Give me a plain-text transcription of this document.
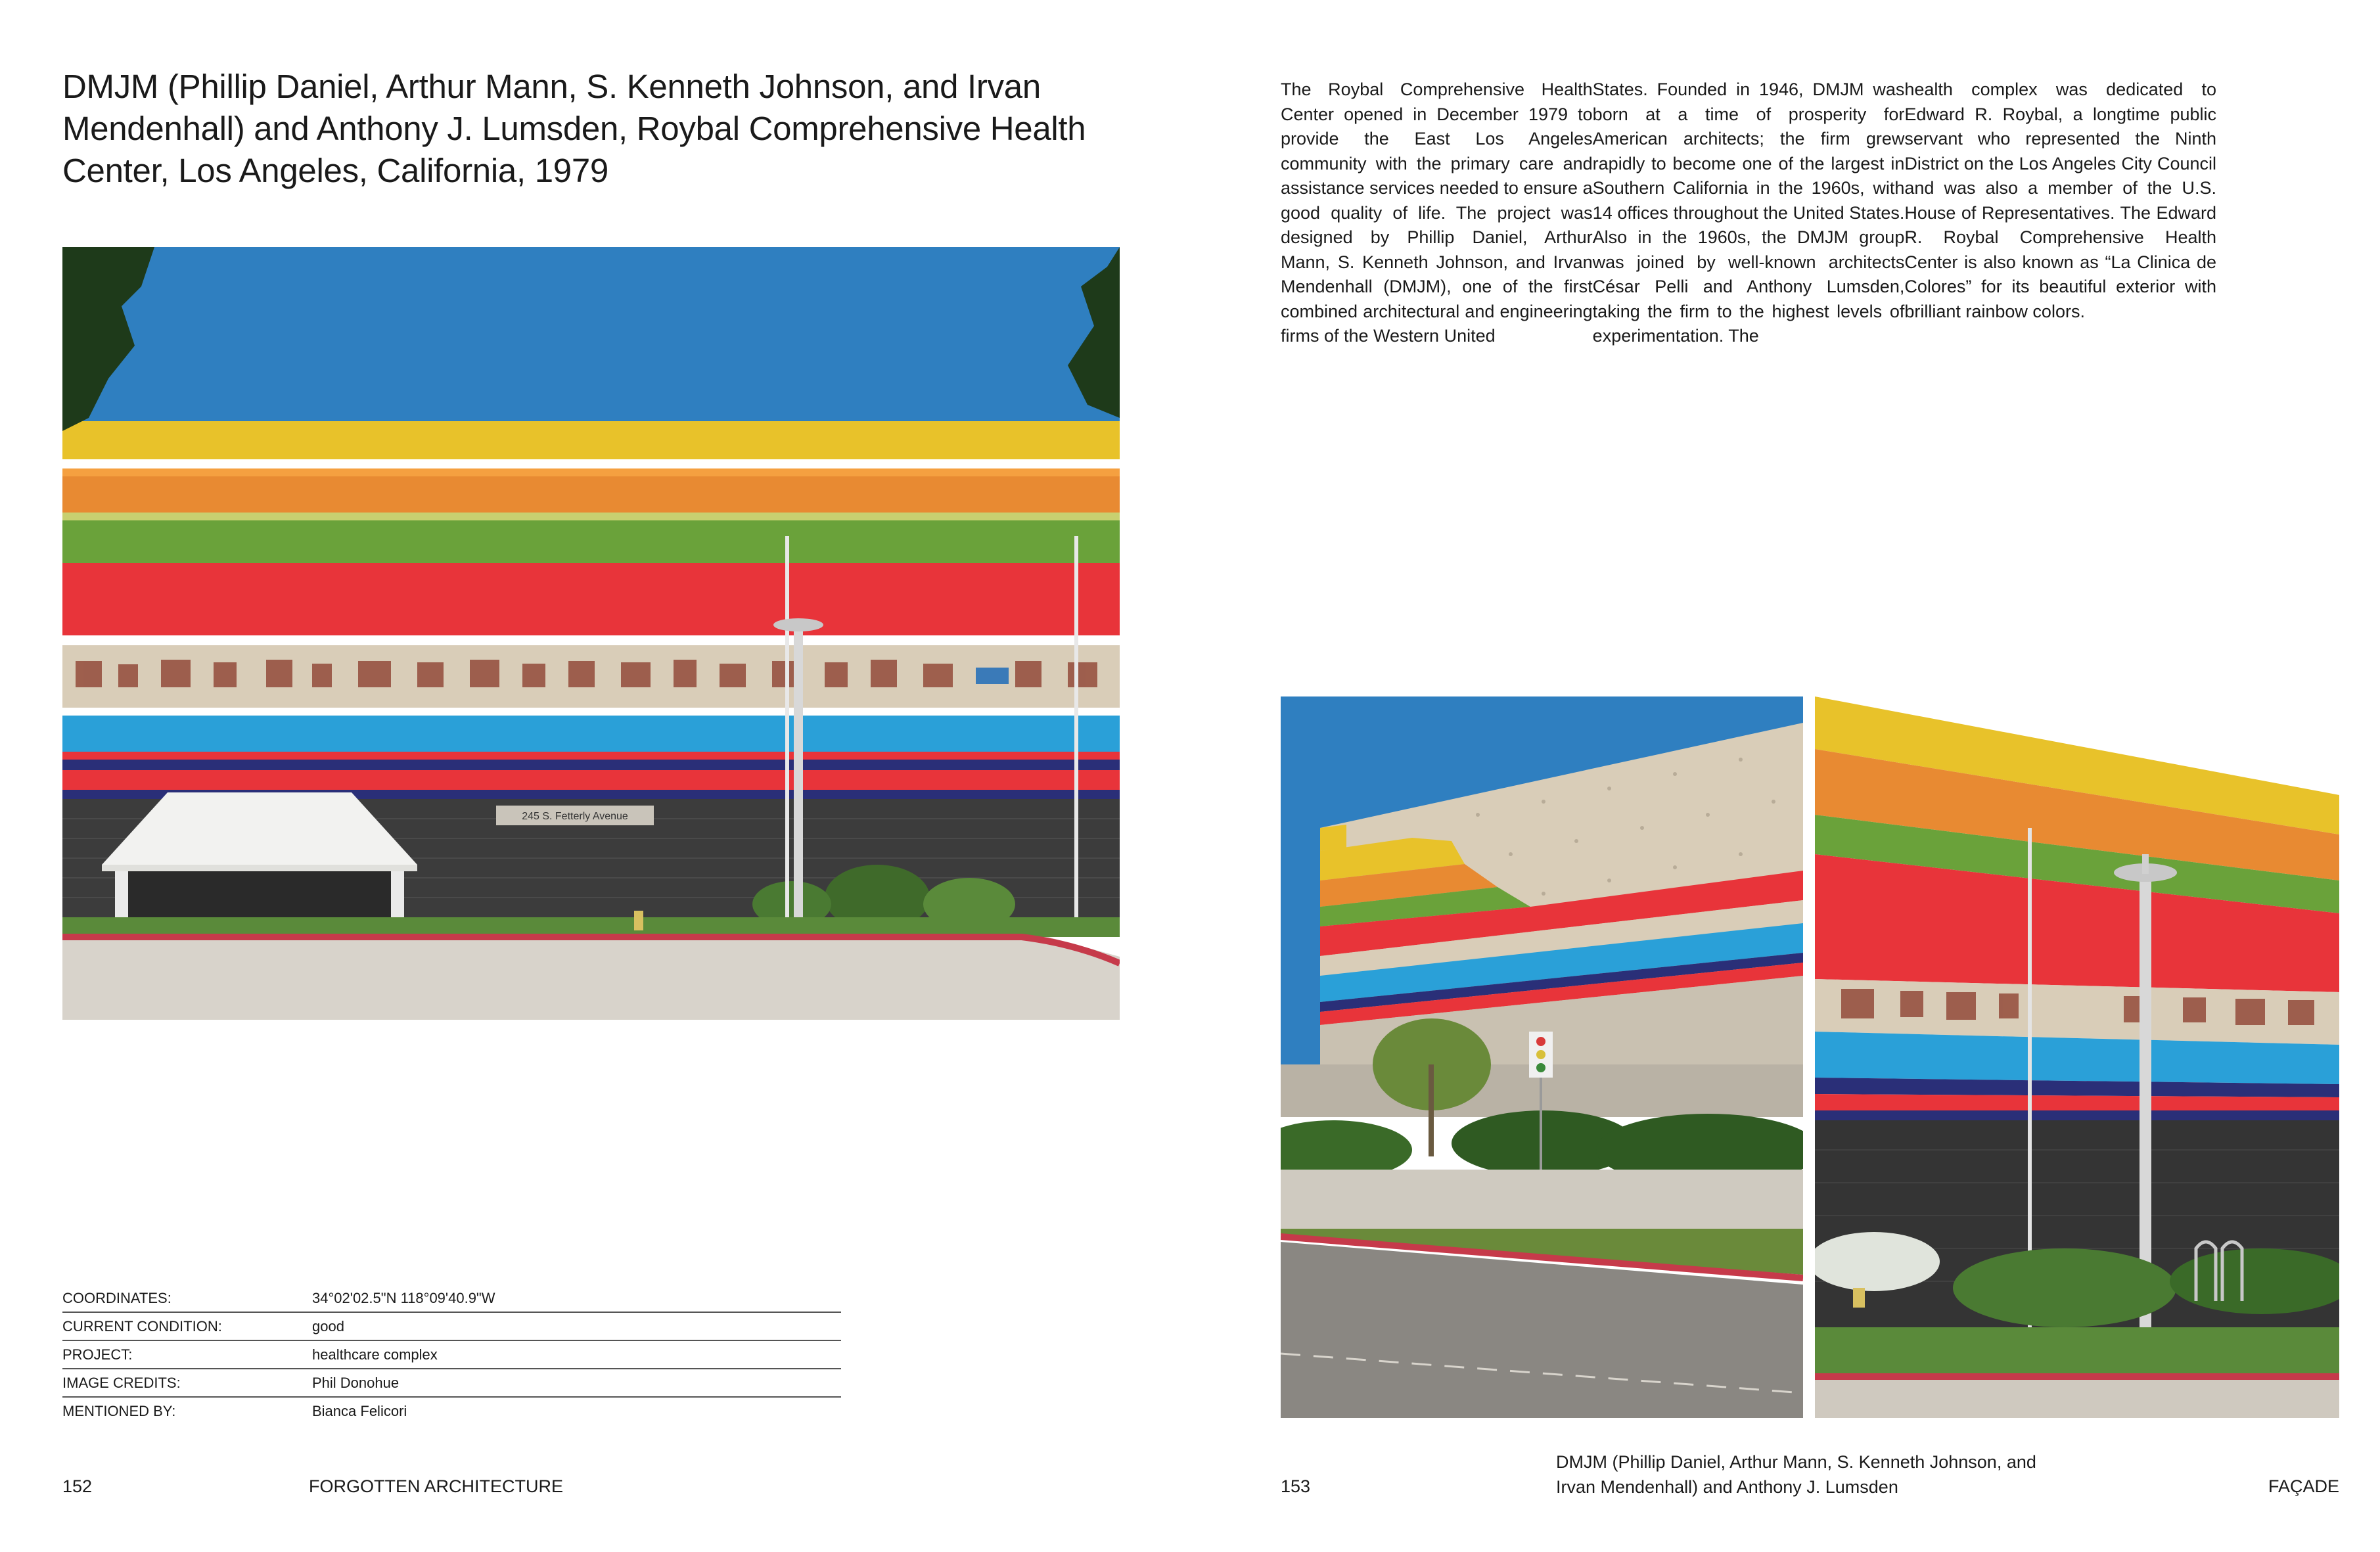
DMJM (Phillip Daniel, Arthur Mann, S. Kenneth Johnson, and Irvan Mendenhall) and Anthony J. Lumsden, Roybal Comprehensive Health Center, Los Angeles, California, 1979
245 S. Fetterly Avenue
COORDINATES:	34°02'02.5"N 118°09'40.9"W
CURRENT CONDITION:	good
PROJECT:	healthcare complex
IMAGE CREDITS:	Phil Donohue
MENTIONED BY:	Bianca Felicori
152	FORGOTTEN ARCHITECTURE

The Roybal Comprehensive Health Center opened in December 1979 to provide the East Los Angeles community with the primary care and assistance services needed to ensure a good quality of life. The project was designed by Phillip Daniel, Arthur Mann, S. Kenneth Johnson, and Irvan Mendenhall (DMJM), one of the first combined architectural and engineering firms of the Western United

States. Founded in 1946, DMJM was born at a time of prosperity for American architects; the firm grew rapidly to become one of the largest in Southern California in the 1960s, with 14 offices throughout the United States. Also in the 1960s, the DMJM group was joined by well-known architects César Pelli and Anthony Lumsden, taking the firm to the highest levels of experimentation. The

health complex was dedicated to Edward R. Roybal, a longtime public servant who represented the Ninth District on the Los Angeles City Council and was also a member of the U.S. House of Representatives. The Edward R. Roybal Comprehensive Health Center is also known as “La Clinica de Colores” for its beautiful exterior with brilliant rainbow colors.

153
DMJM (Phillip Daniel, Arthur Mann, S. Kenneth Johnson, and Irvan Mendenhall) and Anthony J. Lumsden	FAÇADE
